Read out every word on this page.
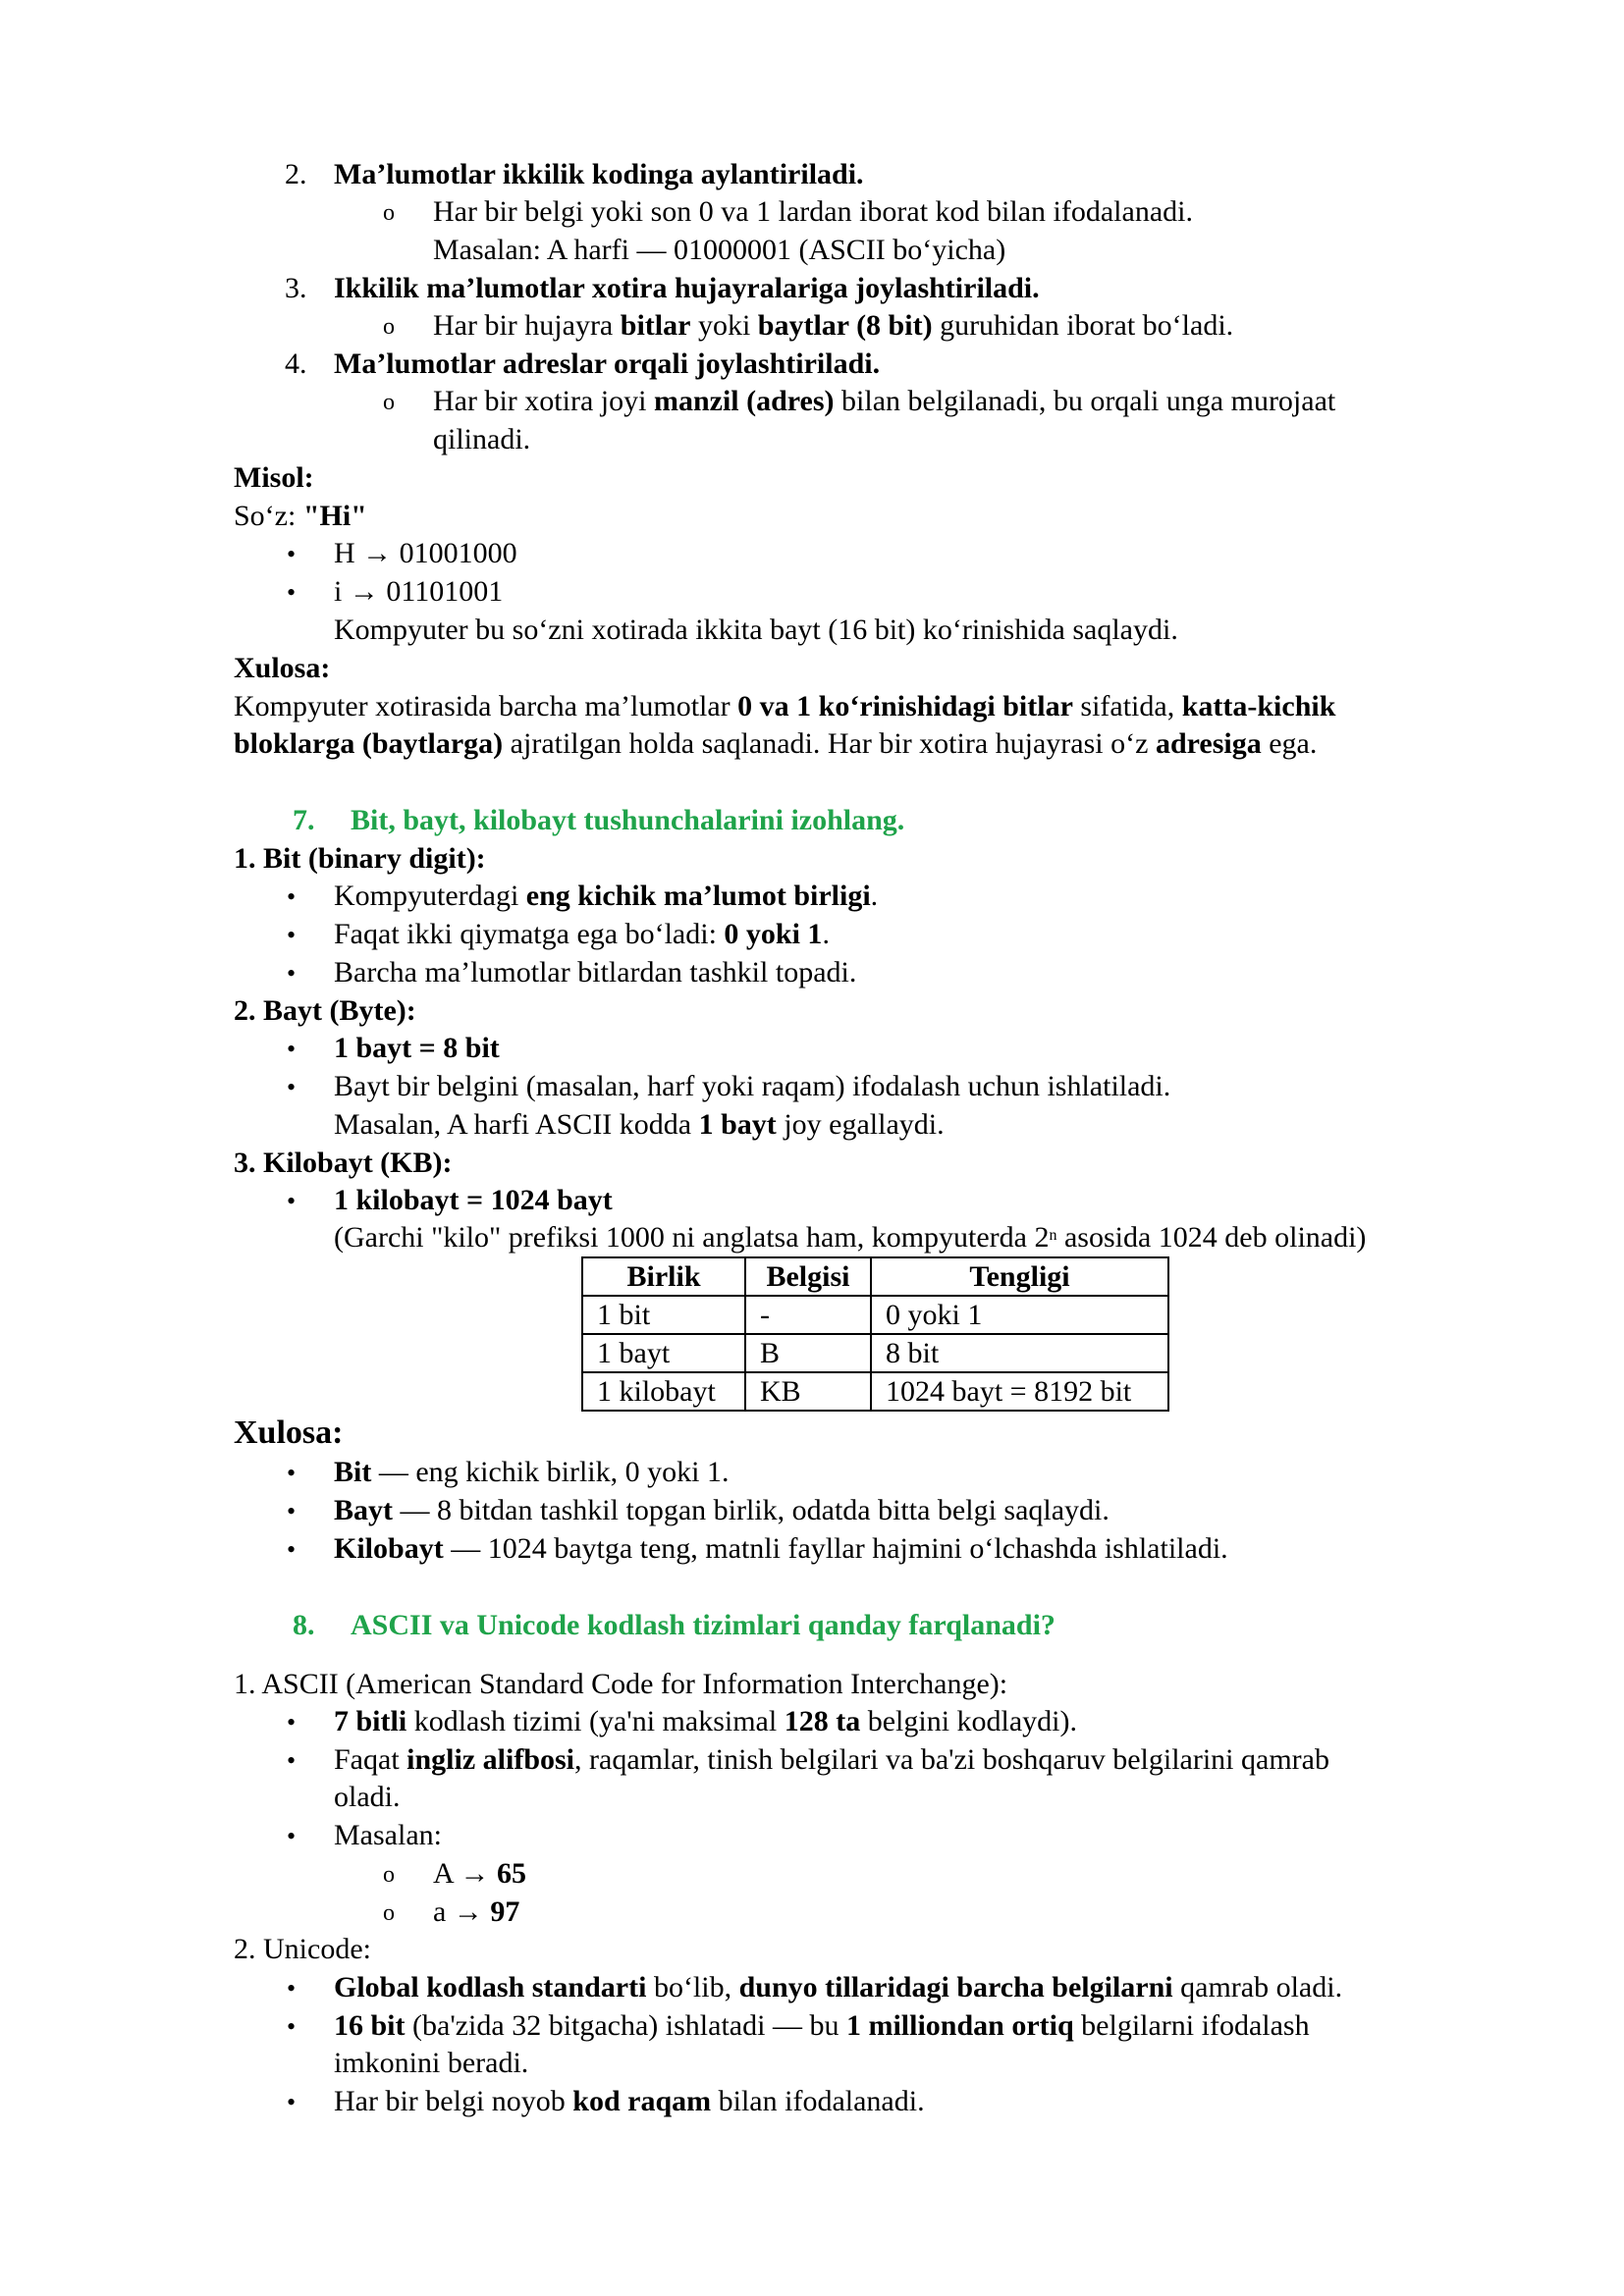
2. Ma’lumotlar ikkilik kodinga aylantiriladi.
o Har bir belgi yoki son 0 va 1 lardan iborat kod bilan ifodalanadi.
Masalan: A harfi — 01000001 (ASCII bo‘yicha)
3. Ikkilik ma’lumotlar xotira hujayralariga joylashtiriladi.
o Har bir hujayra bitlar yoki baytlar (8 bit) guruhidan iborat bo‘ladi.
4. Ma’lumotlar adreslar orqali joylashtiriladi.
o Har bir xotira joyi manzil (adres) bilan belgilanadi, bu orqali unga murojaat
qilinadi.
Misol:
So‘z: "Hi"
• H → 01001000
• i → 01101001
Kompyuter bu so‘zni xotirada ikkita bayt (16 bit) ko‘rinishida saqlaydi.
Xulosa:
Kompyuter xotirasida barcha ma’lumotlar 0 va 1 ko‘rinishidagi bitlar sifatida, katta-kichik
bloklarga (baytlarga) ajratilgan holda saqlanadi. Har bir xotira hujayrasi o‘z adresiga ega.
7. Bit, bayt, kilobayt tushunchalarini izohlang.
1. Bit (binary digit):
• Kompyuterdagi eng kichik ma’lumot birligi.
• Faqat ikki qiymatga ega bo‘ladi: 0 yoki 1.
• Barcha ma’lumotlar bitlardan tashkil topadi.
2. Bayt (Byte):
• 1 bayt = 8 bit
• Bayt bir belgini (masalan, harf yoki raqam) ifodalash uchun ishlatiladi.
Masalan, A harfi ASCII kodda 1 bayt joy egallaydi.
3. Kilobayt (KB):
• 1 kilobayt = 1024 bayt
(Garchi "kilo" prefiksi 1000 ni anglatsa ham, kompyuterda 2$^n$ asosida 1024 deb olinadi)
Birlik	Belgisi	Tengligi
1 bit	-	0 yoki 1
1 bayt	B	8 bit
1 kilobayt	KB	1024 bayt = 8192 bit
Xulosa:
• Bit — eng kichik birlik, 0 yoki 1.
• Bayt — 8 bitdan tashkil topgan birlik, odatda bitta belgi saqlaydi.
• Kilobayt — 1024 baytga teng, matnli fayllar hajmini o‘lchashda ishlatiladi.
8. ASCII va Unicode kodlash tizimlari qanday farqlanadi?
1. ASCII (American Standard Code for Information Interchange):
• 7 bitli kodlash tizimi (ya'ni maksimal 128 ta belgini kodlaydi).
• Faqat ingliz alifbosi, raqamlar, tinish belgilari va ba'zi boshqaruv belgilarini qamrab
oladi.
• Masalan:
o A → 65
o a → 97
2. Unicode:
• Global kodlash standarti bo‘lib, dunyo tillaridagi barcha belgilarni qamrab oladi.
• 16 bit (ba'zida 32 bitgacha) ishlatadi — bu 1 milliondan ortiq belgilarni ifodalash
imkonini beradi.
• Har bir belgi noyob kod raqam bilan ifodalanadi.
